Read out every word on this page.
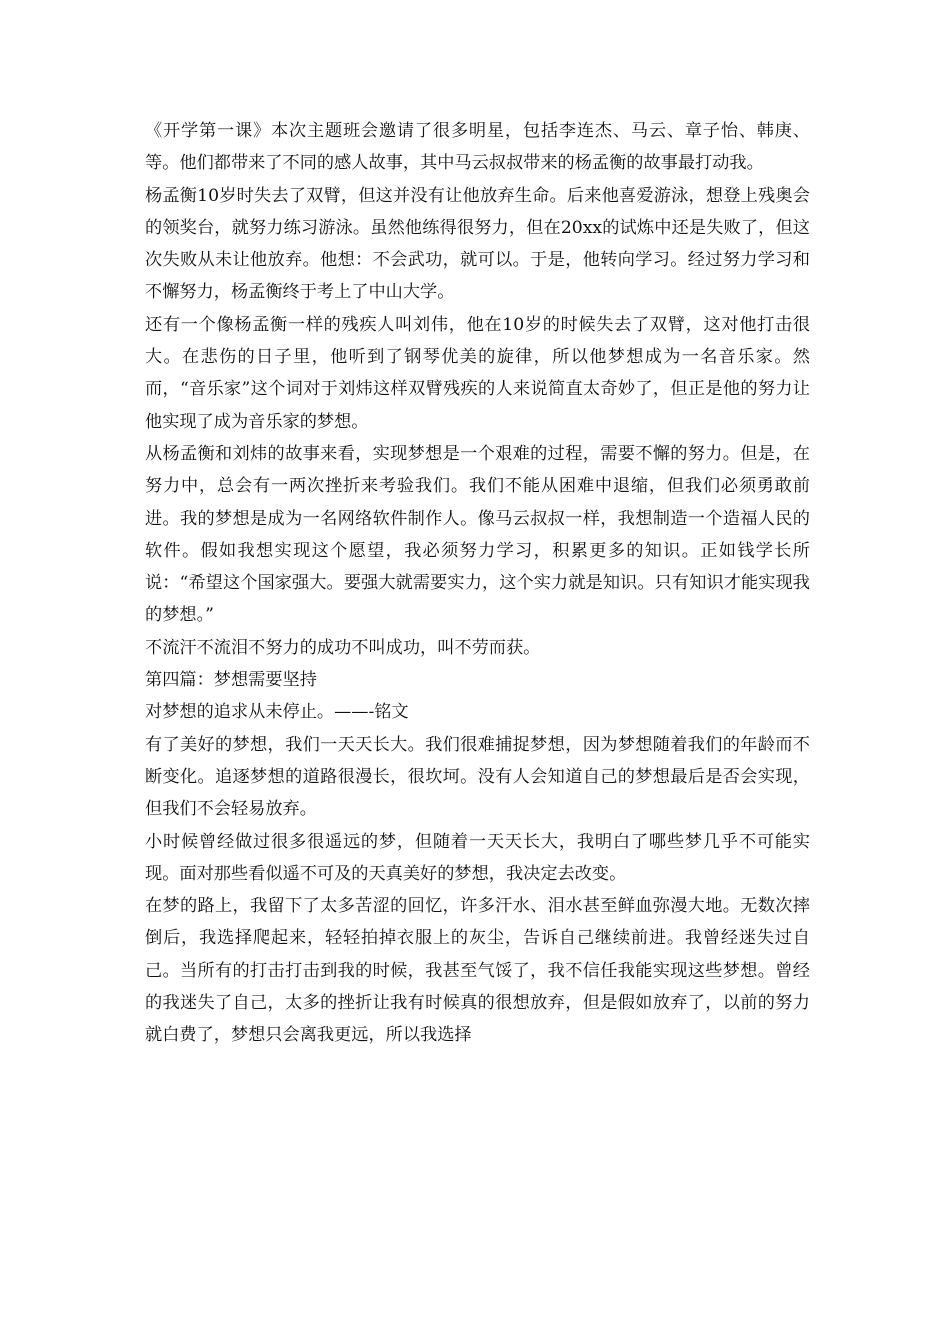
《开学第一课》本次主题班会邀请了很多明星，包括李连杰、马云、章子怡、韩庚、等。他们都带来了不同的感人故事，其中马云叔叔带来的杨孟衡的故事最打动我。

杨孟衡10岁时失去了双臂，但这并没有让他放弃生命。后来他喜爱游泳，想登上残奥会的领奖台，就努力练习游泳。虽然他练得很努力，但在20xx的试炼中还是失败了，但这次失败从未让他放弃。他想：不会武功，就可以。于是，他转向学习。经过努力学习和不懈努力，杨孟衡终于考上了中山大学。

还有一个像杨孟衡一样的残疾人叫刘伟，他在10岁的时候失去了双臂，这对他打击很大。在悲伤的日子里，他听到了钢琴优美的旋律，所以他梦想成为一名音乐家。然而，“音乐家”这个词对于刘炜这样双臂残疾的人来说简直太奇妙了，但正是他的努力让他实现了成为音乐家的梦想。

从杨孟衡和刘炜的故事来看，实现梦想是一个艰难的过程，需要不懈的努力。但是，在努力中，总会有一两次挫折来考验我们。我们不能从困难中退缩，但我们必须勇敢前进。我的梦想是成为一名网络软件制作人。像马云叔叔一样，我想制造一个造福人民的软件。假如我想实现这个愿望，我必须努力学习，积累更多的知识。正如钱学长所说：“希望这个国家强大。要强大就需要实力，这个实力就是知识。只有知识才能实现我的梦想。”

不流汗不流泪不努力的成功不叫成功，叫不劳而获。

第四篇：梦想需要坚持

对梦想的追求从未停止。——-铭文

有了美好的梦想，我们一天天长大。我们很难捕捉梦想，因为梦想随着我们的年龄而不断变化。追逐梦想的道路很漫长，很坎坷。没有人会知道自己的梦想最后是否会实现，但我们不会轻易放弃。

小时候曾经做过很多很遥远的梦，但随着一天天长大，我明白了哪些梦几乎不可能实现。面对那些看似遥不可及的天真美好的梦想，我决定去改变。

在梦的路上，我留下了太多苦涩的回忆，许多汗水、泪水甚至鲜血弥漫大地。无数次摔倒后，我选择爬起来，轻轻拍掉衣服上的灰尘，告诉自己继续前进。我曾经迷失过自己。当所有的打击打击到我的时候，我甚至气馁了，我不信任我能实现这些梦想。曾经的我迷失了自己，太多的挫折让我有时候真的很想放弃，但是假如放弃了，以前的努力就白费了，梦想只会离我更远，所以我选择
